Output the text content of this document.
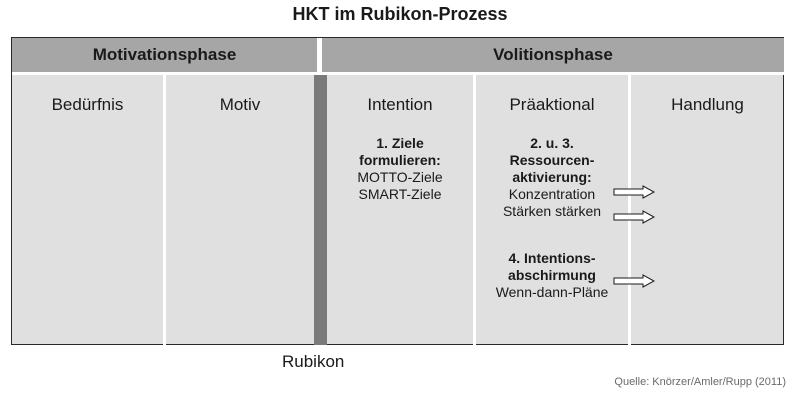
HKT im Rubikon-Prozess
Motivationsphase	Volitionsphase
Bedürfnis	Motiv	Intention	Präaktional	Handlung
1. Ziele
formulieren:
MOTTO-Ziele
SMART-Ziele
2. u. 3.
Ressourcen-
aktivierung:
Konzentration
Stärken stärken
4. Intentions-
abschirmung
Wenn-dann-Pläne
Rubikon
Quelle: Knörzer/Amler/Rupp (2011)
